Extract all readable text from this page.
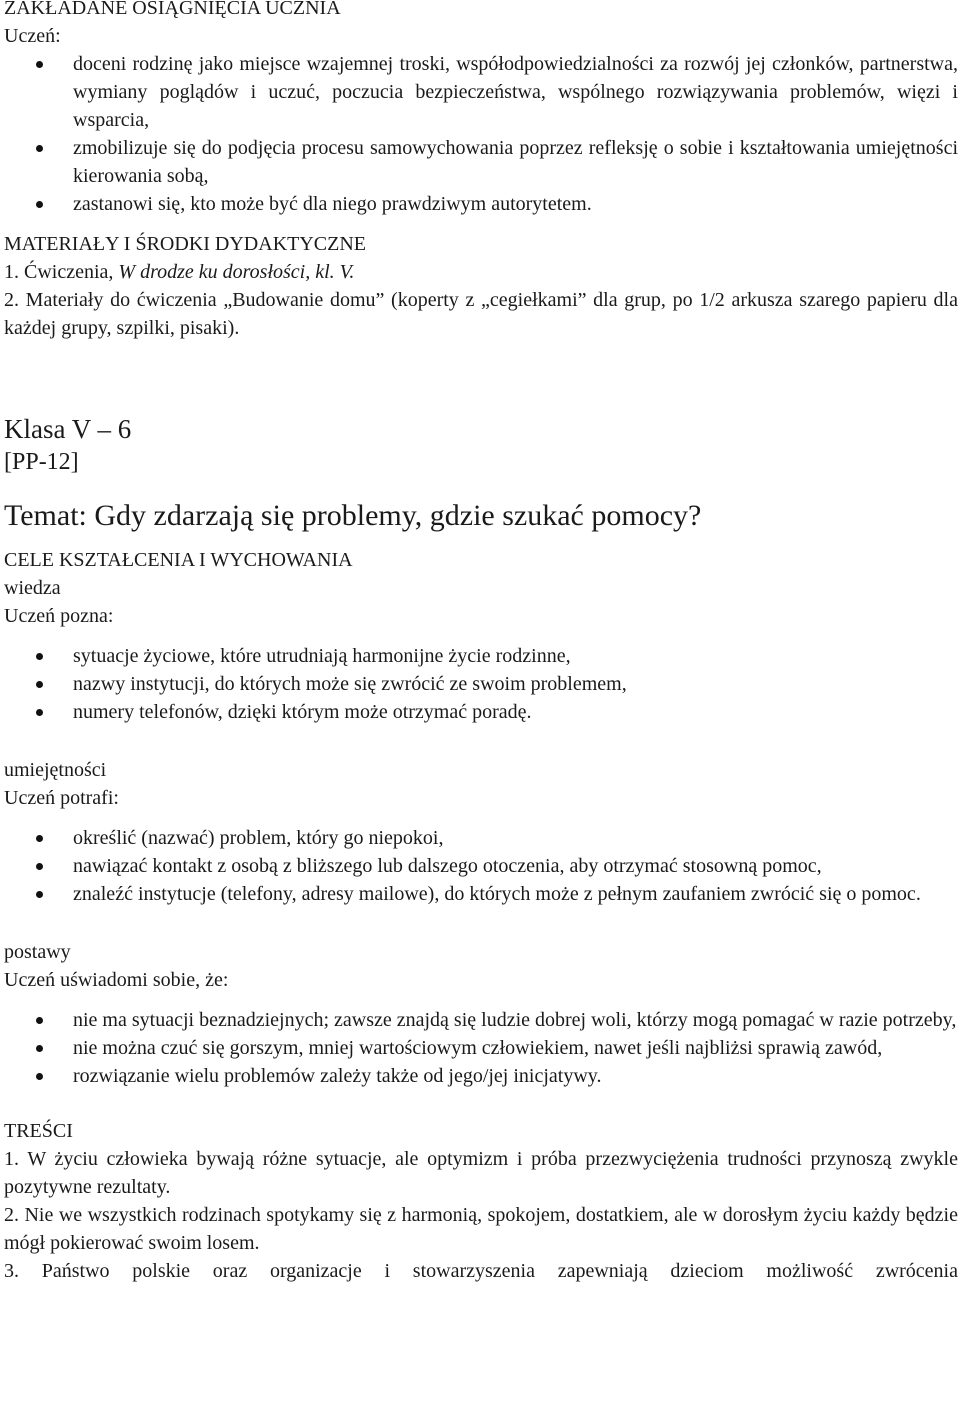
ZAKŁADANE OSIĄGNIĘCIA UCZNIA

Uczeń:

doceni rodzinę jako miejsce wzajemnej troski, współodpowiedzialności za rozwój jej członków, partnerstwa, wymiany poglądów i uczuć, poczucia bezpieczeństwa, wspólnego rozwiązywania problemów, więzi i wsparcia,
zmobilizuje się do podjęcia procesu samowychowania poprzez refleksję o sobie i kształtowania umiejętności kierowania sobą,
zastanowi się, kto może być dla niego prawdziwym autorytetem.

MATERIAŁY I ŚRODKI DYDAKTYCZNE

1. Ćwiczenia, W drodze ku dorosłości, kl. V.

2. Materiały do ćwiczenia „Budowanie domu” (koperty z „cegiełkami” dla grup, po 1/2 arkusza szarego papieru dla każdej grupy, szpilki, pisaki).

Klasa V – 6

[PP-12]

Temat: Gdy zdarzają się problemy, gdzie szukać pomocy?

CELE KSZTAŁCENIA I WYCHOWANIA

wiedza

Uczeń pozna:

sytuacje życiowe, które utrudniają harmonijne życie rodzinne,
nazwy instytucji, do których może się zwrócić ze swoim problemem,
numery telefonów, dzięki którym może otrzymać poradę.

umiejętności

Uczeń potrafi:

określić (nazwać) problem, który go niepokoi,
nawiązać kontakt z osobą z bliższego lub dalszego otoczenia, aby otrzymać stosowną pomoc,
znaleźć instytucje (telefony, adresy mailowe), do których może z pełnym zaufaniem zwrócić się o pomoc.

postawy

Uczeń uświadomi sobie, że:

nie ma sytuacji beznadziejnych; zawsze znajdą się ludzie dobrej woli, którzy mogą pomagać w razie potrzeby,
nie można czuć się gorszym, mniej wartościowym człowiekiem, nawet jeśli najbliżsi sprawią zawód,
rozwiązanie wielu problemów zależy także od jego/jej inicjatywy.

TREŚCI

1. W życiu człowieka bywają różne sytuacje, ale optymizm i próba przezwyciężenia trudności przynoszą zwykle pozytywne rezultaty.

2. Nie we wszystkich rodzinach spotykamy się z harmonią, spokojem, dostatkiem, ale w dorosłym życiu każdy będzie mógł pokierować swoim losem.

3. Państwo polskie oraz organizacje i stowarzyszenia zapewniają dzieciom możliwość zwrócenia
